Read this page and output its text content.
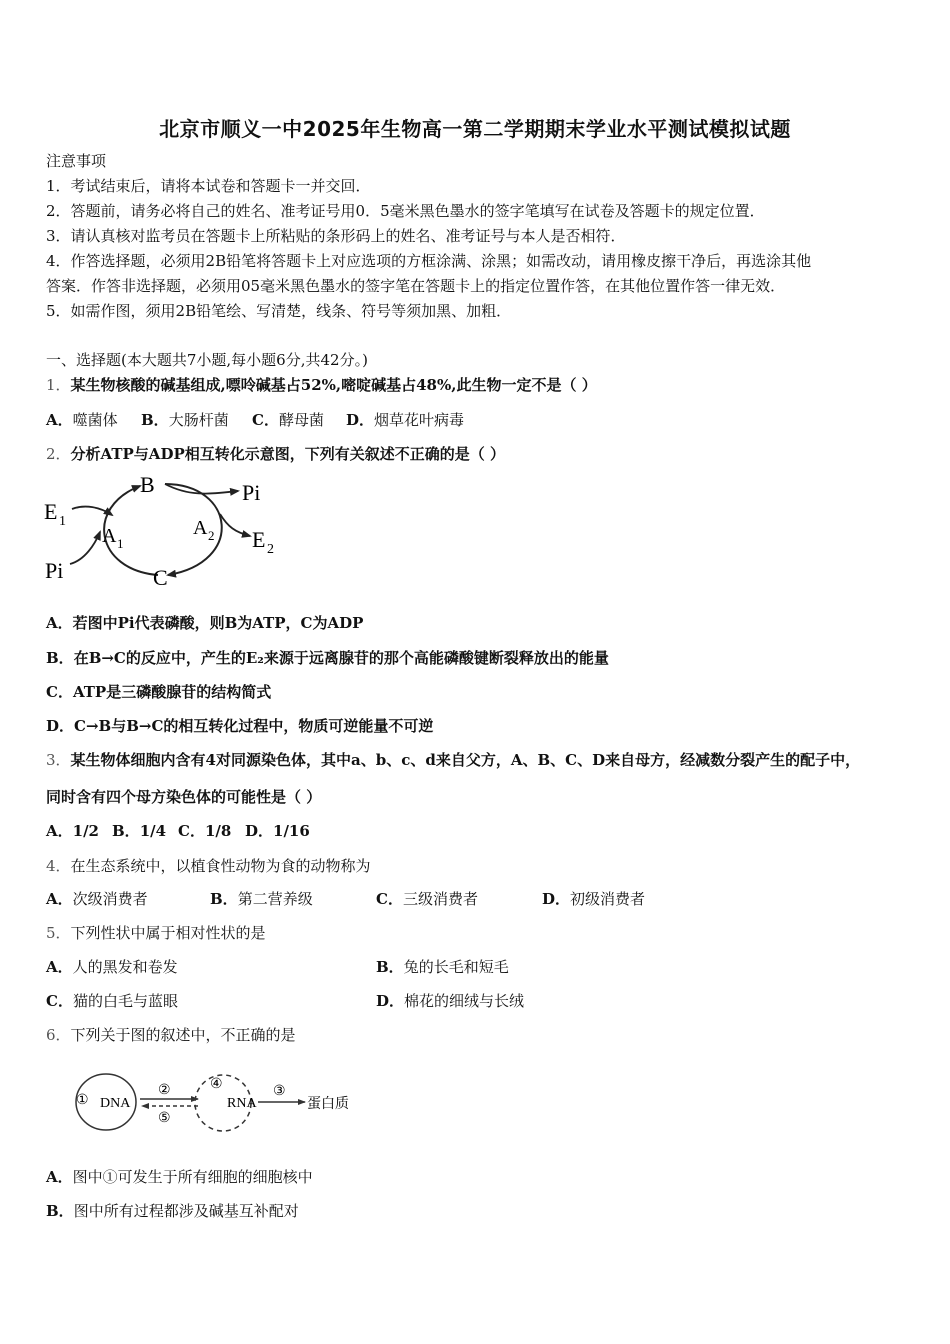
北京市顺义一中2025年生物高一第二学期期末学业水平测试模拟试题
注意事项
1．考试结束后，请将本试卷和答题卡一并交回．
2．答题前，请务必将自己的姓名、准考证号用0．5毫米黑色墨水的签字笔填写在试卷及答题卡的规定位置．
3．请认真核对监考员在答题卡上所粘贴的条形码上的姓名、准考证号与本人是否相符．
4．作答选择题，必须用2B铅笔将答题卡上对应选项的方框涂满、涂黑；如需改动，请用橡皮擦干净后，再选涂其他
答案．作答非选择题，必须用05毫米黑色墨水的签字笔在答题卡上的指定位置作答，在其他位置作答一律无效．
5．如需作图，须用2B铅笔绘、写清楚，线条、符号等须加黑、加粗．
一、选择题(本大题共7小题,每小题6分,共42分。)
1．某生物核酸的碱基组成,嘌呤碱基占52%,嘧啶碱基占48%,此生物一定不是（ ）
A．噬菌体 B．大肠杆菌 C．酵母菌 D．烟草花叶病毒
2．分析ATP与ADP相互转化示意图，下列有关叙述不正确的是（ ）
B	Pi
E 1
A 1
A 2 E 2
Pi	C
A．若图中Pi代表磷酸，则B为ATP，C为ADP
B．在B→C的反应中，产生的E₂来源于远离腺苷的那个高能磷酸键断裂释放出的能量
C．ATP是三磷酸腺苷的结构简式
D．C→B与B→C的相互转化过程中，物质可逆能量不可逆
3．某生物体细胞内含有4对同源染色体，其中a、b、c、d来自父方，A、B、C、D来自母方，经减数分裂产生的配子中，
同时含有四个母方染色体的可能性是（ ）
A．1/2 B．1/4 C．1/8 D．1/16
4．在生态系统中，以植食性动物为食的动物称为
A．次级消费者	B．第二营养级	C．三级消费者	D．初级消费者
5．下列性状中属于相对性状的是
A．人的黑发和卷发	B．兔的长毛和短毛
C．猫的白毛与蓝眼	D．棉花的细绒与长绒
6．下列关于图的叙述中，不正确的是
① DNA
②
⑤
④
RNA
③
蛋白质
A．图中①可发生于所有细胞的细胞核中
B．图中所有过程都涉及碱基互补配对
